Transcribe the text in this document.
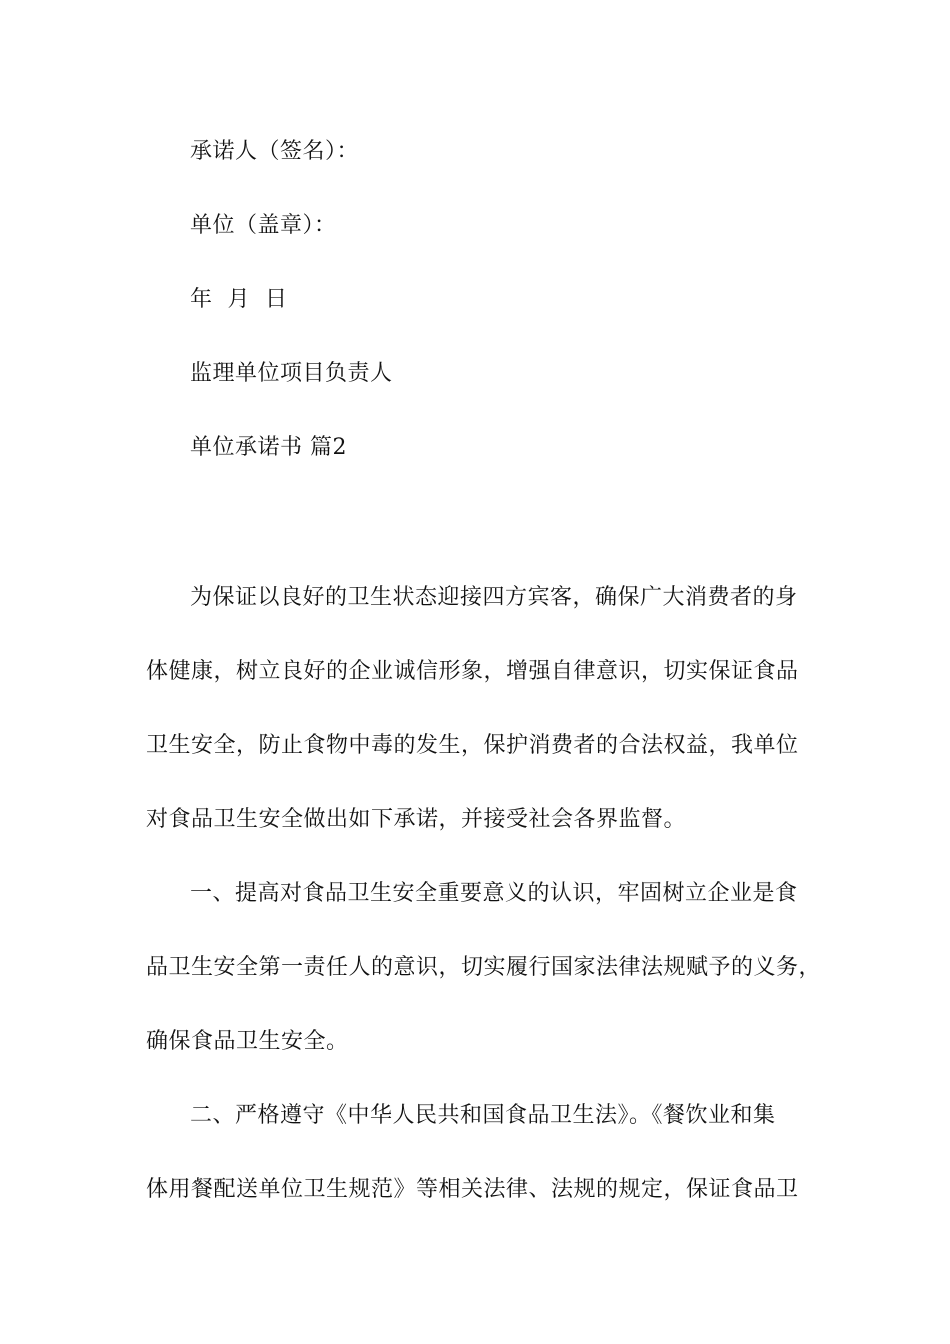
承诺人（签名）：
单位（盖章）：
年  月  日
监理单位项目负责人
单位承诺书 篇2
为保证以良好的卫生状态迎接四方宾客，确保广大消费者的身
体健康，树立良好的企业诚信形象，增强自律意识，切实保证食品
卫生安全，防止食物中毒的发生，保护消费者的合法权益，我单位
对食品卫生安全做出如下承诺，并接受社会各界监督。
一、提高对食品卫生安全重要意义的认识，牢固树立企业是食
品卫生安全第一责任人的意识，切实履行国家法律法规赋予的义务，
确保食品卫生安全。
二、严格遵守《中华人民共和国食品卫生法》。《餐饮业和集
体用餐配送单位卫生规范》等相关法律、法规的规定，保证食品卫
